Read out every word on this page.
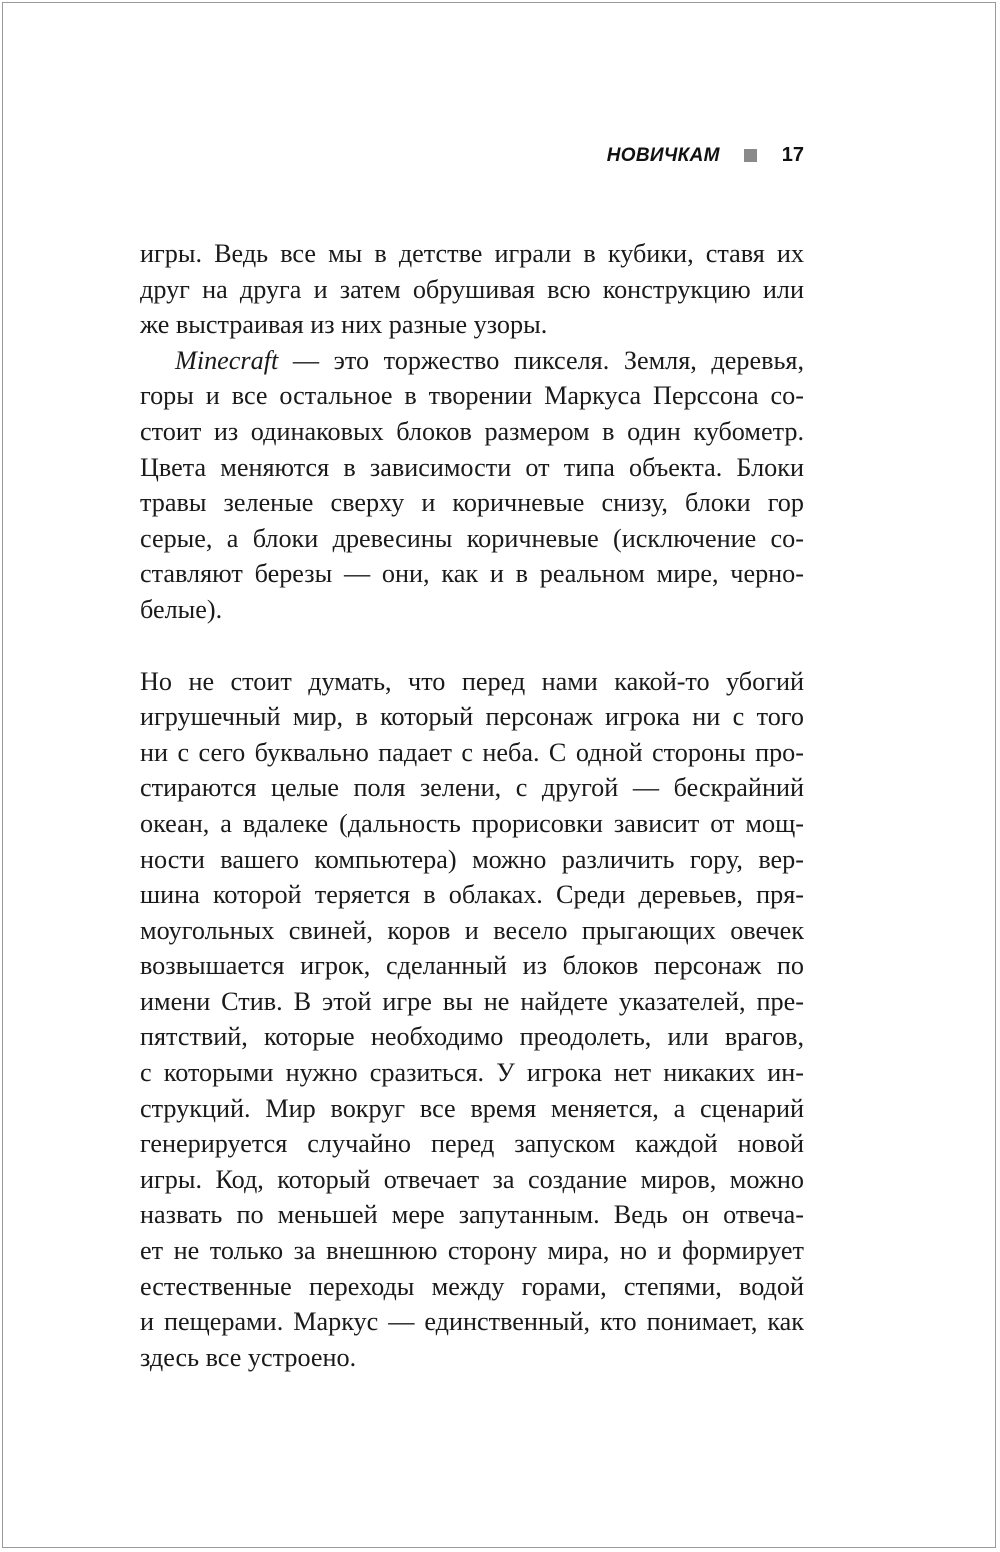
НОВИЧКАМ	17

игры. Ведь все мы в детстве играли в кубики, ставя их
друг на друга и затем обрушивая всю конструкцию или
же выстраивая из них разные узоры.

Minecraft — это торжество пикселя. Земля, деревья,
горы и все остальное в творении Маркуса Перссона со-
стоит из одинаковых блоков размером в один кубометр.
Цвета меняются в зависимости от типа объекта. Блоки
травы зеленые сверху и коричневые снизу, блоки гор
серые, а блоки древесины коричневые (исключение со-
ставляют березы — они, как и в реальном мире, черно-
белые).

Но не стоит думать, что перед нами какой-то убогий
игрушечный мир, в который персонаж игрока ни с того
ни с сего буквально падает с неба. С одной стороны про-
стираются целые поля зелени, с другой — бескрайний
океан, а вдалеке (дальность прорисовки зависит от мощ-
ности вашего компьютера) можно различить гору, вер-
шина которой теряется в облаках. Среди деревьев, пря-
моугольных свиней, коров и весело прыгающих овечек
возвышается игрок, сделанный из блоков персонаж по
имени Стив. В этой игре вы не найдете указателей, пре-
пятствий, которые необходимо преодолеть, или врагов,
с которыми нужно сразиться. У игрока нет никаких ин-
струкций. Мир вокруг все время меняется, а сценарий
генерируется случайно перед запуском каждой новой
игры. Код, который отвечает за создание миров, можно
назвать по меньшей мере запутанным. Ведь он отвеча-
ет не только за внешнюю сторону мира, но и формирует
естественные переходы между горами, степями, водой
и пещерами. Маркус — единственный, кто понимает, как
здесь все устроено.
